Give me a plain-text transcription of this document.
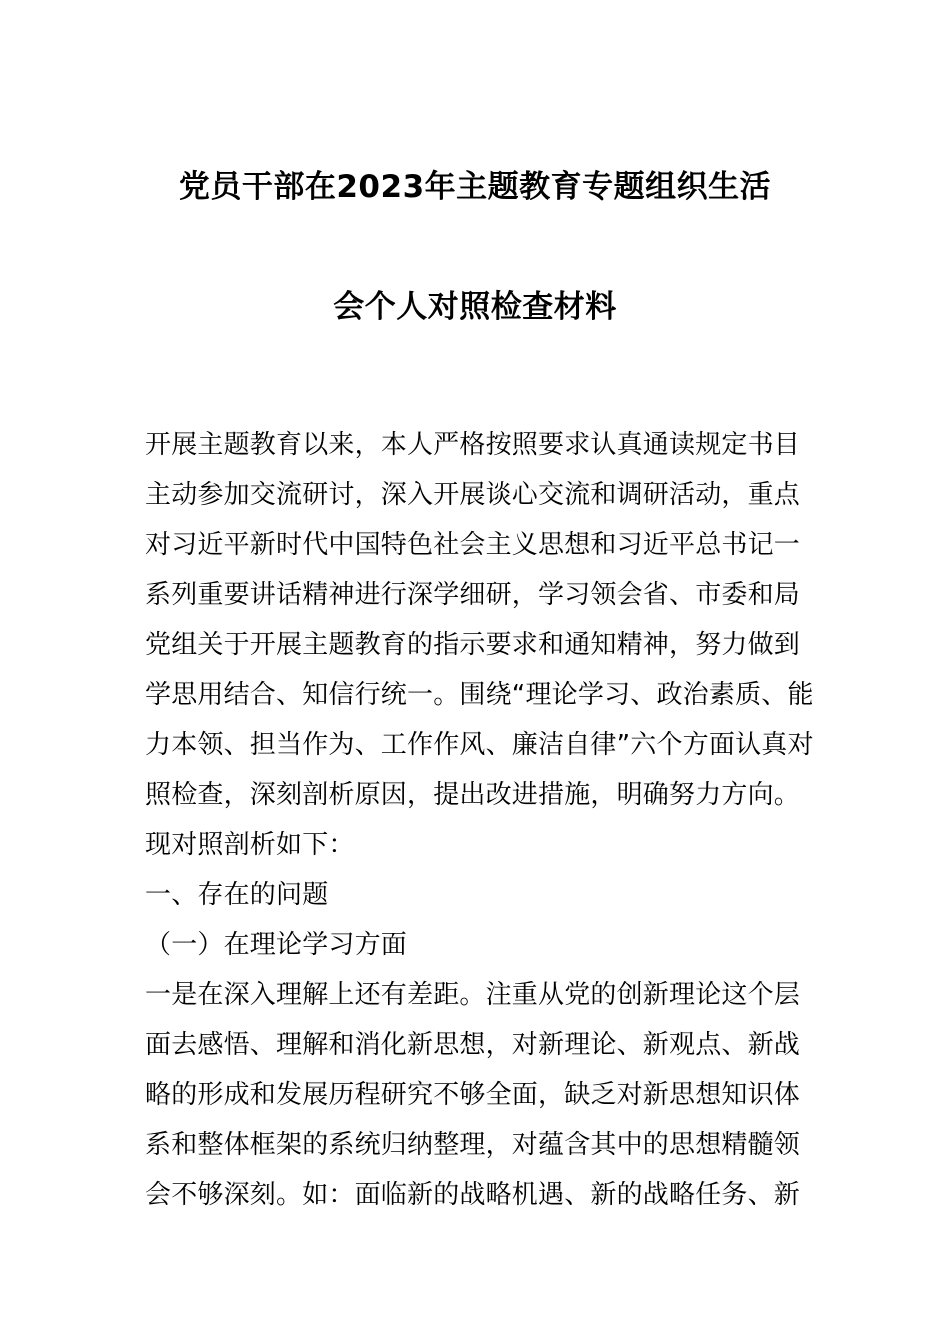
党员干部在2023年主题教育专题组织生活
会个人对照检查材料
开展主题教育以来，本人严格按照要求认真通读规定书目
主动参加交流研讨，深入开展谈心交流和调研活动，重点
对习近平新时代中国特色社会主义思想和习近平总书记一
系列重要讲话精神进行深学细研，学习领会省、市委和局
党组关于开展主题教育的指示要求和通知精神，努力做到
学思用结合、知信行统一。围绕“理论学习、政治素质、能
力本领、担当作为、工作作风、廉洁自律”六个方面认真对
照检查，深刻剖析原因，提出改进措施，明确努力方向。
现对照剖析如下：
一、存在的问题
（一）在理论学习方面
一是在深入理解上还有差距。注重从党的创新理论这个层
面去感悟、理解和消化新思想，对新理论、新观点、新战
略的形成和发展历程研究不够全面，缺乏对新思想知识体
系和整体框架的系统归纳整理，对蕴含其中的思想精髓领
会不够深刻。如：面临新的战略机遇、新的战略任务、新
